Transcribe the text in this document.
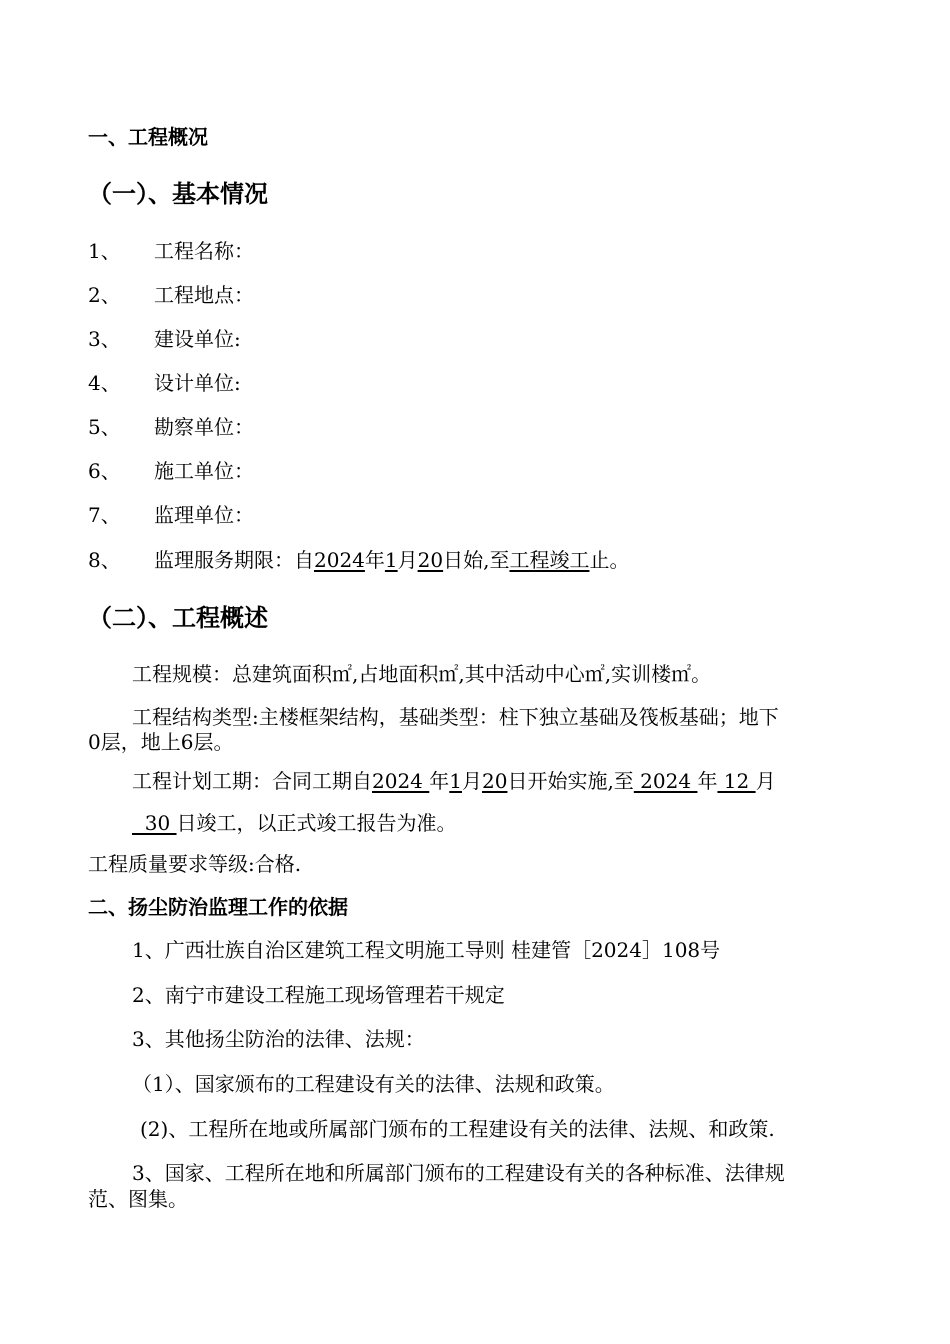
一、工程概况
（一）、基本情况
1、 工程名称：
2、 工程地点：
3、 建设单位:
4、 设计单位:
5、 勘察单位：
6、 施工单位：
7、 监理单位：
8、 监理服务期限：自2024年1月20日始,至工程竣工止。
（二）、工程概述
工程规模：总建筑面积㎡,占地面积㎡,其中活动中心㎡,实训楼㎡。
工程结构类型:主楼框架结构，基础类型：柱下独立基础及筏板基础；地下
0层，地上6层。
工程计划工期：合同工期自2024 年1月20日开始实施,至 2024 年 12 月
30 日竣工，以正式竣工报告为准。
工程质量要求等级:合格.
二、扬尘防治监理工作的依据
1、广西壮族自治区建筑工程文明施工导则 桂建管［2024］108号
2、南宁市建设工程施工现场管理若干规定
3、其他扬尘防治的法律、法规：
（1）、国家颁布的工程建设有关的法律、法规和政策。
(2)、工程所在地或所属部门颁布的工程建设有关的法律、法规、和政策.
3、国家、工程所在地和所属部门颁布的工程建设有关的各种标准、法律规
范、图集。
